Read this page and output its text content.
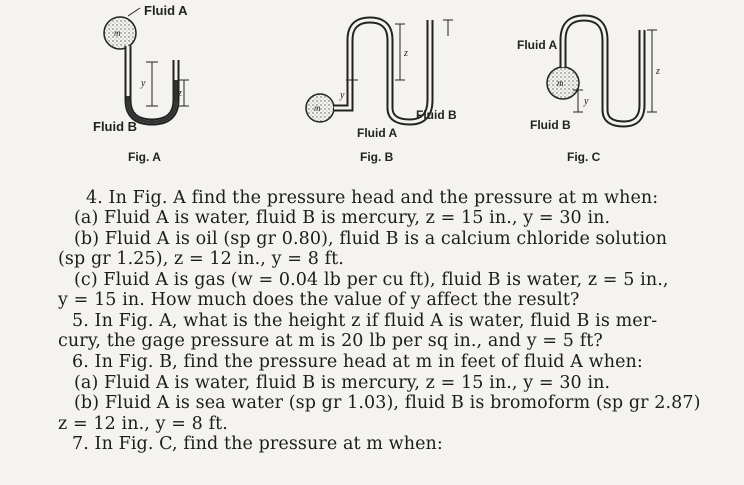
m
Fluid A
Fluid B
y
z
Fig. A
m	Fluid B
Fluid A
y
z
Fig. B
m
Fluid A
Fluid B
y
z
Fig. C
4. In Fig. A find the pressure head and the pressure at m when:
(a) Fluid A is water, fluid B is mercury, z = 15 in., y = 30 in.
(b) Fluid A is oil (sp gr 0.80), fluid B is a calcium chloride solution
(sp gr 1.25), z = 12 in., y = 8 ft.
(c) Fluid A is gas (w = 0.04 lb per cu ft), fluid B is water, z = 5 in.,
y = 15 in. How much does the value of y affect the result?
5. In Fig. A, what is the height z if fluid A is water, fluid B is mer-
cury, the gage pressure at m is 20 lb per sq in., and y = 5 ft?
6. In Fig. B, find the pressure head at m in feet of fluid A when:
(a) Fluid A is water, fluid B is mercury, z = 15 in., y = 30 in.
(b) Fluid A is sea water (sp gr 1.03), fluid B is bromoform (sp gr 2.87)
z = 12 in., y = 8 ft.
7. In Fig. C, find the pressure at m when:
